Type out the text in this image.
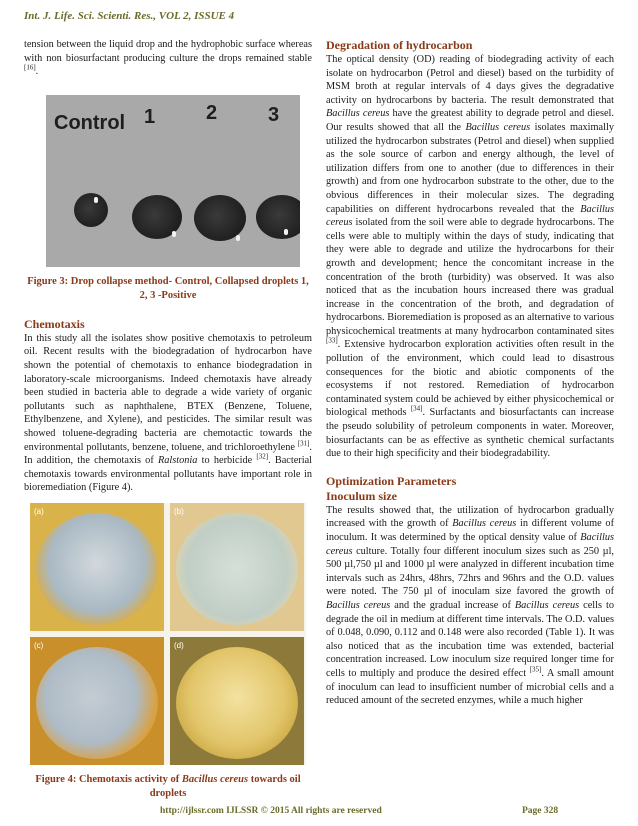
Int. J. Life. Sci. Scienti. Res., VOL 2, ISSUE 4

tension between the liquid drop and the hydrophobic surface whereas with non biosurfactant producing culture the drops remained stable [16].

Control 1	2	3
Figure 3: Drop collapse method- Control, Collapsed droplets 1, 2, 3 -Positive
Chemotaxis

In this study all the isolates show positive chemotaxis to petroleum oil. Recent results with the biodegradation of hydrocarbon have shown the potential of chemotaxis to enhance biodegradation in laboratory-scale microorganisms. Indeed chemotaxis have already been studied in bacteria able to degrade a wide variety of organic pollutants such as naphthalene, BTEX (Benzene, Toluene, Ethylbenzene, and Xylene), and pesticides. The similar result was showed toluene-degrading bacteria are chemotactic towards the environmental pollutants, benzene, toluene, and trichloroethylene [31]. In addition, the chemotaxis of Ralstonia to herbicide [32]. Bacterial chemotaxis towards environmental pollutants have important role in bioremediation (Figure 4).

(a)	(b)
(c)	(d)
Figure 4: Chemotaxis activity of Bacillus cereus towards oil droplets
Degradation of hydrocarbon

The optical density (OD) reading of biodegrading activity of each isolate on hydrocarbon (Petrol and diesel) based on the turbidity of MSM broth at regular intervals of 4 days gives the degradative activity on hydrocarbons by bacteria. The result demonstrated that Bacillus cereus have the greatest ability to degrade petrol and diesel. Our results showed that all the Bacillus cereus isolates maximally utilized the hydrocarbon substrates (Petrol and diesel) when supplied as the sole source of carbon and energy although, the level of utilization differs from one to another (due to differences in their growth) and from one hydrocarbon substrate to the other, due to the obvious differences in their molecular sizes. The degrading capabilities on different hydrocarbons revealed that the Bacillus cereus isolated from the soil were able to degrade hydrocarbons. The cells were able to multiply within the days of study, indicating that they were able to degrade and utilize the hydrocarbons for their growth and development; hence the concomitant increase in the concentration of the broth (turbidity) was observed. It was also noticed that as the incubation hours increased there was gradual increase in the concentration of the broth, and degradation of hydrocarbons. Bioremediation is proposed as an alternative to various physicochemical treatments at many hydrocarbon contaminated sites [33]. Extensive hydrocarbon exploration activities often result in the pollution of the environment, which could lead to disastrous consequences for the biotic and abiotic components of the ecosystems if not restored. Remediation of hydrocarbon contaminated system could be achieved by either physicochemical or biological methods [34]. Surfactants and biosurfactants can increase the pseudo solubility of petroleum components in water. Moreover, biosurfactants can be as effective as synthetic chemical surfactants due to their high specificity and their biodegradability.

Optimization Parameters
Inoculum size

The results showed that, the utilization of hydrocarbon gradually increased with the growth of Bacillus cereus in different volume of inoculum. It was determined by the optical density value of Bacillus cereus culture. Totally four different inoculum sizes such as 250 µl, 500 µl,750 µl and 1000 µl were analyzed in different incubation time intervals such as 24hrs, 48hrs, 72hrs and 96hrs and the O.D. values were noted. The 750 µl of inoculam size favored the growth of Bacillus cereus and the gradual increase of Bacillus cereus cells to degrade the oil in medium at different time intervals. The O.D. values of 0.048, 0.090, 0.112 and 0.148 were also recorded (Table 1). It was also noticed that as the incubation time was extended, bacterial concentration increased. Low inoculum size required longer time for cells to multiply and produce the desired effect [35]. A small amount of inoculum can lead to insufficient number of microbial cells and a reduced amount of the secreted enzymes, while a much higher

http://ijlssr.com IJLSSR © 2015 All rights are reserved	Page 328
